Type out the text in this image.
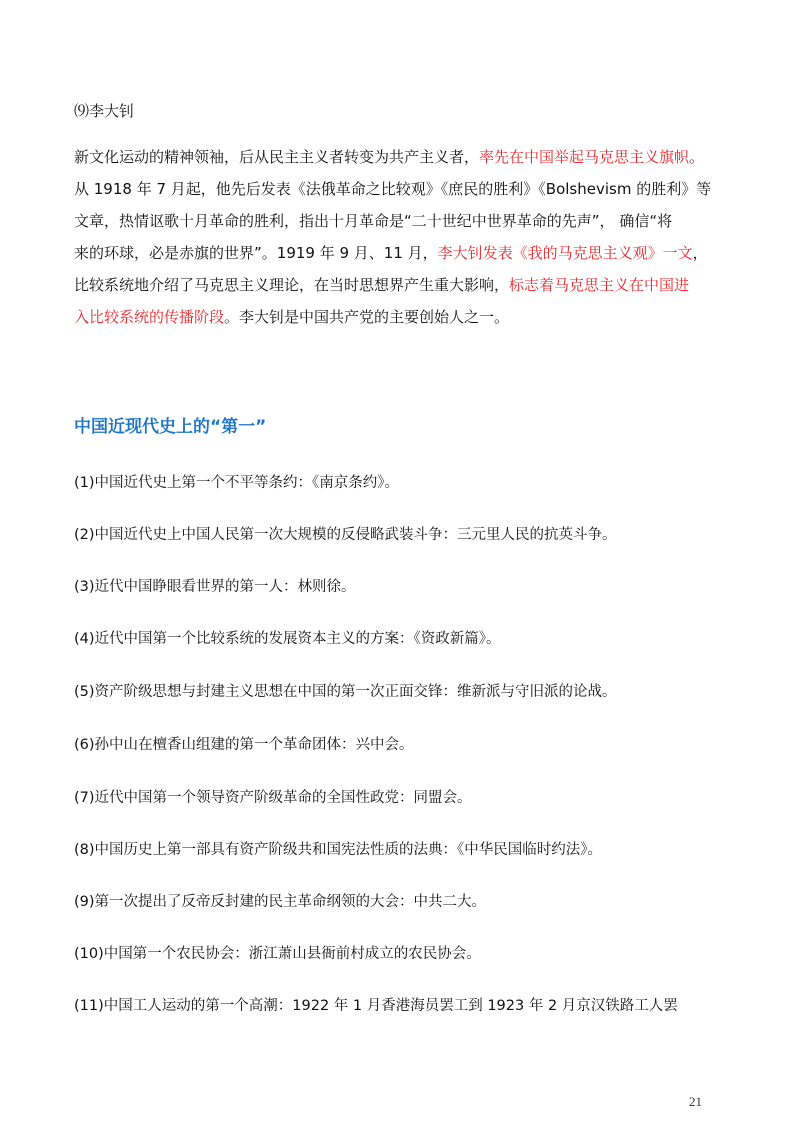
⑼李大钊
新文化运动的精神领袖，后从民主主义者转变为共产主义者，率先在中国举起马克思主义旗帜。
从 1918 年 7 月起，他先后发表《法俄革命之比较观》《庶民的胜利》《Bolshevism 的胜利》等
文章，热情讴歌十月革命的胜利，指出十月革命是“二十世纪中世界革命的先声”， 确信“将
来的环球，必是赤旗的世界”。1919 年 9 月、11 月，李大钊发表《我的马克思主义观》一文，
比较系统地介绍了马克思主义理论，在当时思想界产生重大影响，标志着马克思主义在中国进
入比较系统的传播阶段。李大钊是中国共产党的主要创始人之一。
中国近现代史上的“第一”
(1)中国近代史上第一个不平等条约：《南京条约》。
(2)中国近代史上中国人民第一次大规模的反侵略武装斗争：三元里人民的抗英斗争。
(3)近代中国睁眼看世界的第一人：林则徐。
(4)近代中国第一个比较系统的发展资本主义的方案：《资政新篇》。
(5)资产阶级思想与封建主义思想在中国的第一次正面交锋：维新派与守旧派的论战。
(6)孙中山在檀香山组建的第一个革命团体：兴中会。
(7)近代中国第一个领导资产阶级革命的全国性政党：同盟会。
(8)中国历史上第一部具有资产阶级共和国宪法性质的法典：《中华民国临时约法》。
(9)第一次提出了反帝反封建的民主革命纲领的大会：中共二大。
(10)中国第一个农民协会：浙江萧山县衙前村成立的农民协会。
(11)中国工人运动的第一个高潮：1922 年 1 月香港海员罢工到 1923 年 2 月京汉铁路工人罢
21
